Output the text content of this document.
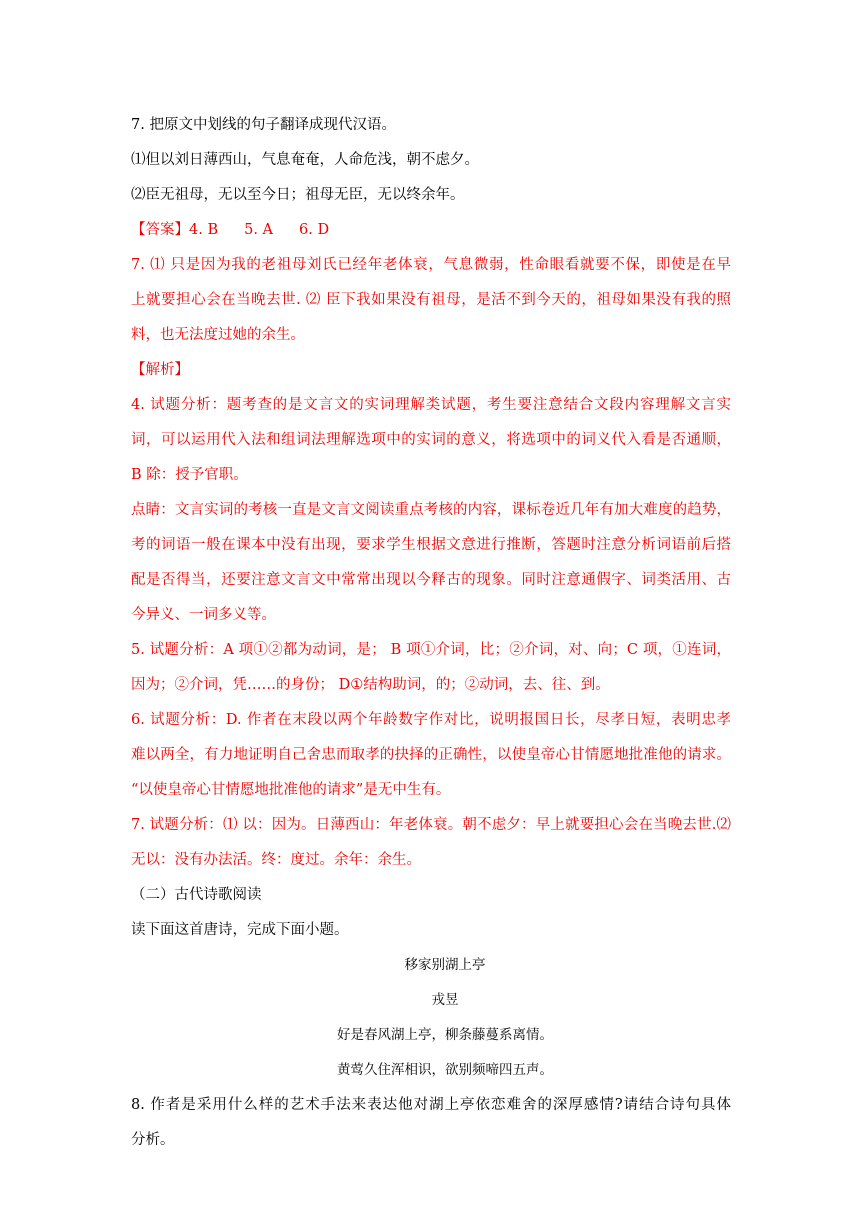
7. 把原文中划线的句子翻译成现代汉语。
⑴但以刘日薄西山，气息奄奄，人命危浅，朝不虑夕。
⑵臣无祖母，无以至今日；祖母无臣，无以终余年。
【答案】4. B 5. A 6. D
7. ⑴ 只是因为我的老祖母刘氏已经年老体衰，气息微弱，性命眼看就要不保，即使是在早
上就要担心会在当晚去世. ⑵ 臣下我如果没有祖母，是活不到今天的，祖母如果没有我的照
料，也无法度过她的余生。
【解析】
4. 试题分析：题考查的是文言文的实词理解类试题，考生要注意结合文段内容理解文言实
词，可以运用代入法和组词法理解选项中的实词的意义，将选项中的词义代入看是否通顺，
B 除：授予官职。
点睛：文言实词的考核一直是文言文阅读重点考核的内容，课标卷近几年有加大难度的趋势，
考的词语一般在课本中没有出现，要求学生根据文意进行推断，答题时注意分析词语前后搭
配是否得当，还要注意文言文中常常出现以今释古的现象。同时注意通假字、词类活用、古
今异义、一词多义等。
5. 试题分析：A 项①②都为动词，是； B 项①介词，比；②介词，对、向；C 项，①连词，
因为；②介词，凭……的身份； D①结构助词，的；②动词，去、往、到。
6. 试题分析：D. 作者在末段以两个年龄数字作对比，说明报国日长，尽孝日短，表明忠孝
难以两全，有力地证明自己舍忠而取孝的抉择的正确性，以使皇帝心甘情愿地批准他的请求。
“以使皇帝心甘情愿地批准他的请求”是无中生有。
7. 试题分析：⑴ 以：因为。日薄西山：年老体衰。朝不虑夕：早上就要担心会在当晚去世.⑵
无以：没有办法活。终：度过。余年：余生。
（二）古代诗歌阅读
读下面这首唐诗，完成下面小题。
移家别湖上亭
戎昱
好是春风湖上亭，柳条藤蔓系离情。
黄莺久住浑相识，欲别频啼四五声。
8. 作者是采用什么样的艺术手法来表达他对湖上亭依恋难舍的深厚感情?请结合诗句具体
分析。
